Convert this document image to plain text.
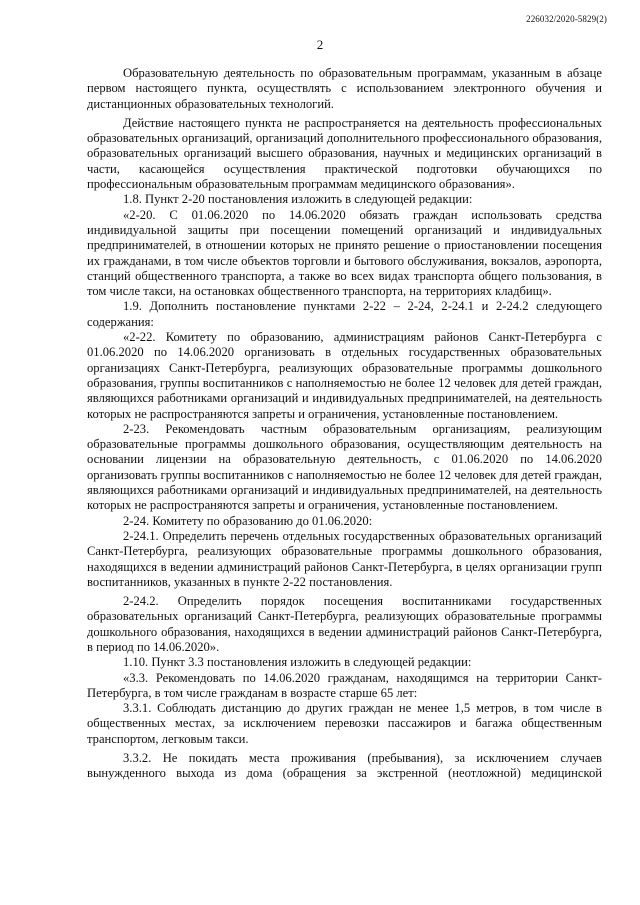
226032/2020-5829(2)
2

Образовательную деятельность по образовательным программам, указанным в абзаце первом настоящего пункта, осуществлять с использованием электронного обучения и дистанционных образовательных технологий.

Действие настоящего пункта не распространяется на деятельность профессиональных образовательных организаций, организаций дополнительного профессионального образования, образовательных организаций высшего образования, научных и медицинских организаций в части, касающейся осуществления практической подготовки обучающихся по профессиональным образовательным программам медицинского образования».

1.8. Пункт 2-20 постановления изложить в следующей редакции:

«2-20. С 01.06.2020 по 14.06.2020 обязать граждан использовать средства индивидуальной защиты при посещении помещений организаций и индивидуальных предпринимателей, в отношении которых не принято решение о приостановлении посещения их гражданами, в том числе объектов торговли и бытового обслуживания, вокзалов, аэропорта, станций общественного транспорта, а также во всех видах транспорта общего пользования, в том числе такси, на остановках общественного транспорта, на территориях кладбищ».

1.9. Дополнить постановление пунктами 2-22 – 2-24, 2-24.1 и 2-24.2 следующего содержания:

«2-22. Комитету по образованию, администрациям районов Санкт-Петербурга с 01.06.2020 по 14.06.2020 организовать в отдельных государственных образовательных организациях Санкт-Петербурга, реализующих образовательные программы дошкольного образования, группы воспитанников с наполняемостью не более 12 человек для детей граждан, являющихся работниками организаций и индивидуальных предпринимателей, на деятельность которых не распространяются запреты и ограничения, установленные постановлением.

2-23. Рекомендовать частным образовательным организациям, реализующим образовательные программы дошкольного образования, осуществляющим деятельность на основании лицензии на образовательную деятельность, с 01.06.2020 по 14.06.2020 организовать группы воспитанников с наполняемостью не более 12 человек для детей граждан, являющихся работниками организаций и индивидуальных предпринимателей, на деятельность которых не распространяются запреты и ограничения, установленные постановлением.

2-24. Комитету по образованию до 01.06.2020:

2-24.1. Определить перечень отдельных государственных образовательных организаций Санкт-Петербурга, реализующих образовательные программы дошкольного образования, находящихся в ведении администраций районов Санкт-Петербурга, в целях организации групп воспитанников, указанных в пункте 2-22 постановления.

2-24.2. Определить порядок посещения воспитанниками государственных образовательных организаций Санкт-Петербурга, реализующих образовательные программы дошкольного образования, находящихся в ведении администраций районов Санкт-Петербурга, в период по 14.06.2020».

1.10. Пункт 3.3 постановления изложить в следующей редакции:

«3.3. Рекомендовать по 14.06.2020 гражданам, находящимся на территории Санкт-Петербурга, в том числе гражданам в возрасте старше 65 лет:

3.3.1. Соблюдать дистанцию до других граждан не менее 1,5 метров, в том числе в общественных местах, за исключением перевозки пассажиров и багажа общественным транспортом, легковым такси.

3.3.2. Не покидать места проживания (пребывания), за исключением случаев вынужденного выхода из дома (обращения за экстренной (неотложной) медицинской
